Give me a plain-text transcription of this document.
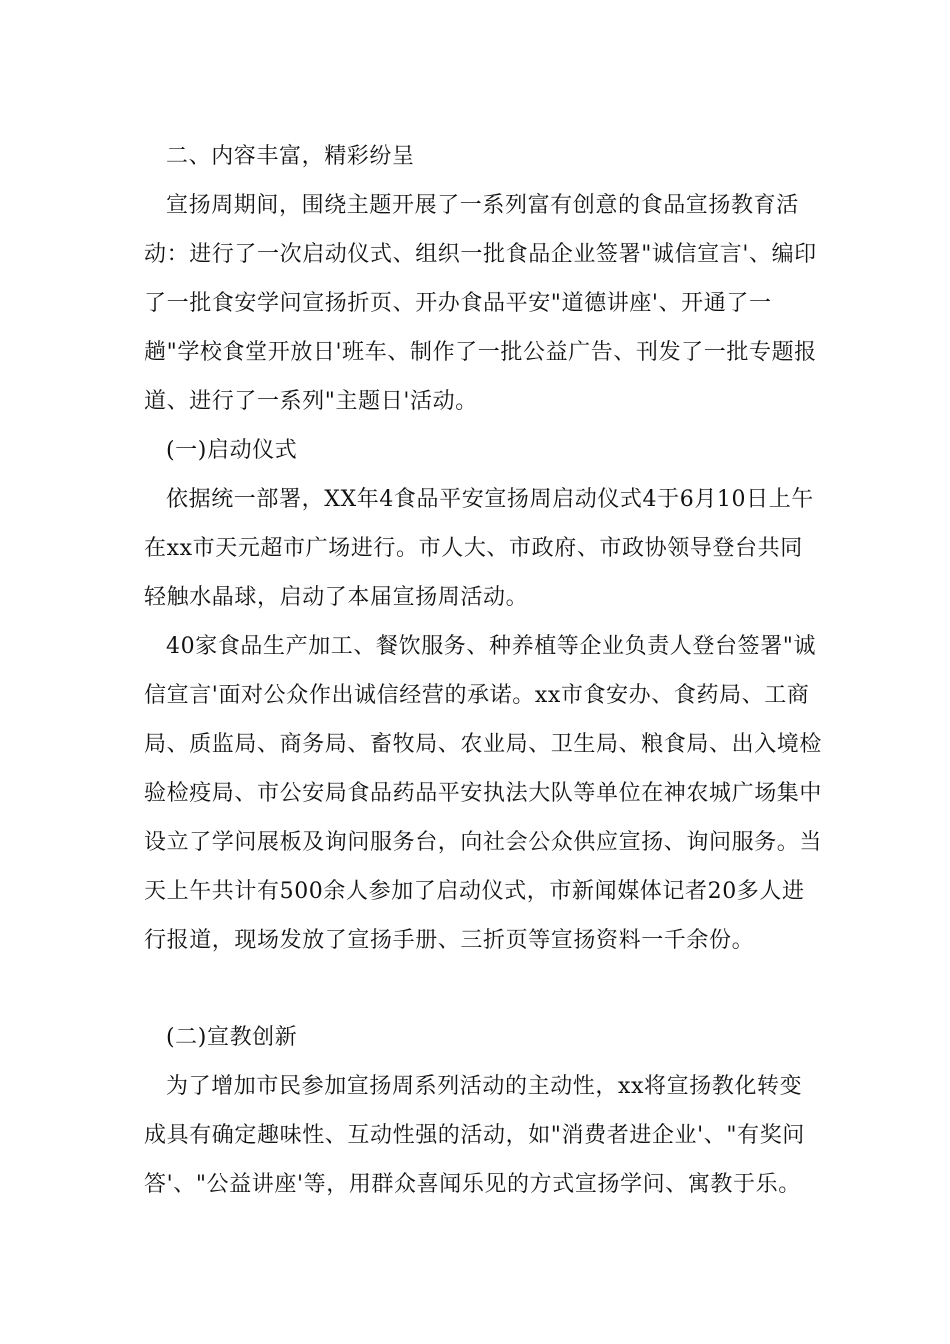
二、内容丰富，精彩纷呈

宣扬周期间，围绕主题开展了一系列富有创意的食品宣扬教育活动：进行了一次启动仪式、组织一批食品企业签署"诚信宣言'、编印了一批食安学问宣扬折页、开办食品平安"道德讲座'、开通了一趟"学校食堂开放日'班车、制作了一批公益广告、刊发了一批专题报道、进行了一系列"主题日'活动。

(一)启动仪式

依据统一部署，XX年4食品平安宣扬周启动仪式4于6月10日上午在xx市天元超市广场进行。市人大、市政府、市政协领导登台共同轻触水晶球，启动了本届宣扬周活动。

40家食品生产加工、餐饮服务、种养植等企业负责人登台签署"诚信宣言'面对公众作出诚信经营的承诺。xx市食安办、食药局、工商局、质监局、商务局、畜牧局、农业局、卫生局、粮食局、出入境检验检疫局、市公安局食品药品平安执法大队等单位在神农城广场集中设立了学问展板及询问服务台，向社会公众供应宣扬、询问服务。当天上午共计有500余人参加了启动仪式，市新闻媒体记者20多人进行报道，现场发放了宣扬手册、三折页等宣扬资料一千余份。

(二)宣教创新

为了增加市民参加宣扬周系列活动的主动性，xx将宣扬教化转变成具有确定趣味性、互动性强的活动，如"消费者进企业'、"有奖问答'、"公益讲座'等，用群众喜闻乐见的方式宣扬学问、寓教于乐。
